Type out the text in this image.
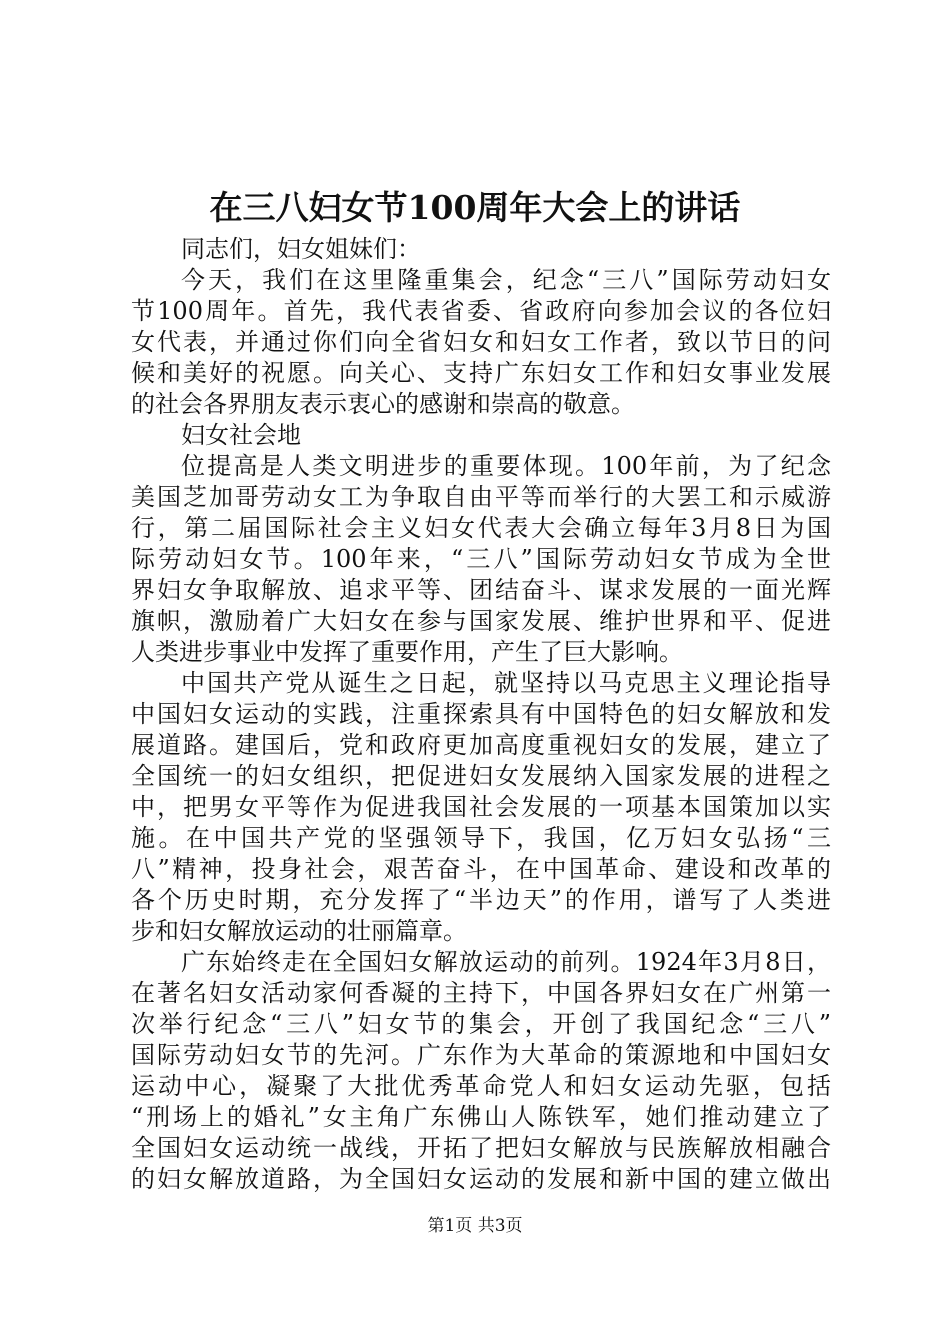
在三八妇女节100周年大会上的讲话
同志们，妇女姐妹们：
今天，我们在这里隆重集会，纪念“三八”国际劳动妇女
节100周年。首先，我代表省委、省政府向参加会议的各位妇
女代表，并通过你们向全省妇女和妇女工作者，致以节日的问
候和美好的祝愿。向关心、支持广东妇女工作和妇女事业发展
的社会各界朋友表示衷心的感谢和崇高的敬意。
妇女社会地
位提高是人类文明进步的重要体现。100年前，为了纪念
美国芝加哥劳动女工为争取自由平等而举行的大罢工和示威游
行，第二届国际社会主义妇女代表大会确立每年3月8日为国
际劳动妇女节。100年来，“三八”国际劳动妇女节成为全世
界妇女争取解放、追求平等、团结奋斗、谋求发展的一面光辉
旗帜，激励着广大妇女在参与国家发展、维护世界和平、促进
人类进步事业中发挥了重要作用，产生了巨大影响。
中国共产党从诞生之日起，就坚持以马克思主义理论指导
中国妇女运动的实践，注重探索具有中国特色的妇女解放和发
展道路。建国后，党和政府更加高度重视妇女的发展，建立了
全国统一的妇女组织，把促进妇女发展纳入国家发展的进程之
中，把男女平等作为促进我国社会发展的一项基本国策加以实
施。在中国共产党的坚强领导下，我国，亿万妇女弘扬“三
八”精神，投身社会，艰苦奋斗，在中国革命、建设和改革的
各个历史时期，充分发挥了“半边天”的作用，谱写了人类进
步和妇女解放运动的壮丽篇章。
广东始终走在全国妇女解放运动的前列。1924年3月8日，
在著名妇女活动家何香凝的主持下，中国各界妇女在广州第一
次举行纪念“三八”妇女节的集会，开创了我国纪念“三八”
国际劳动妇女节的先河。广东作为大革命的策源地和中国妇女
运动中心，凝聚了大批优秀革命党人和妇女运动先驱，包括
“刑场上的婚礼”女主角广东佛山人陈铁军，她们推动建立了
全国妇女运动统一战线，开拓了把妇女解放与民族解放相融合
的妇女解放道路，为全国妇女运动的发展和新中国的建立做出
第1页 共3页
